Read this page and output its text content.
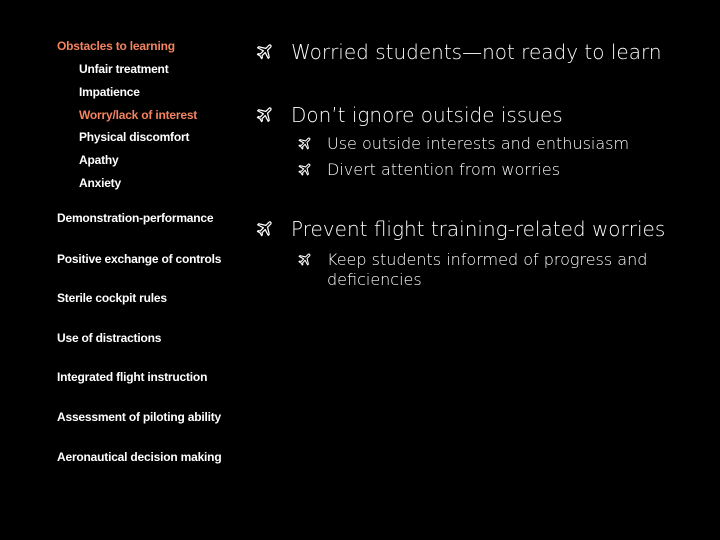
Obstacles to learning
Unfair treatment
Impatience
Worry/lack of interest
Physical discomfort
Apathy
Anxiety
Demonstration-performance
Positive exchange of controls
Sterile cockpit rules
Use of distractions
Integrated flight instruction
Assessment of piloting ability
Aeronautical decision making
Worried students—not ready to learn
Don’t ignore outside issues
Use outside interests and enthusiasm
Divert attention from worries
Prevent flight training-related worries
Keep students informed of progress and deficiencies
